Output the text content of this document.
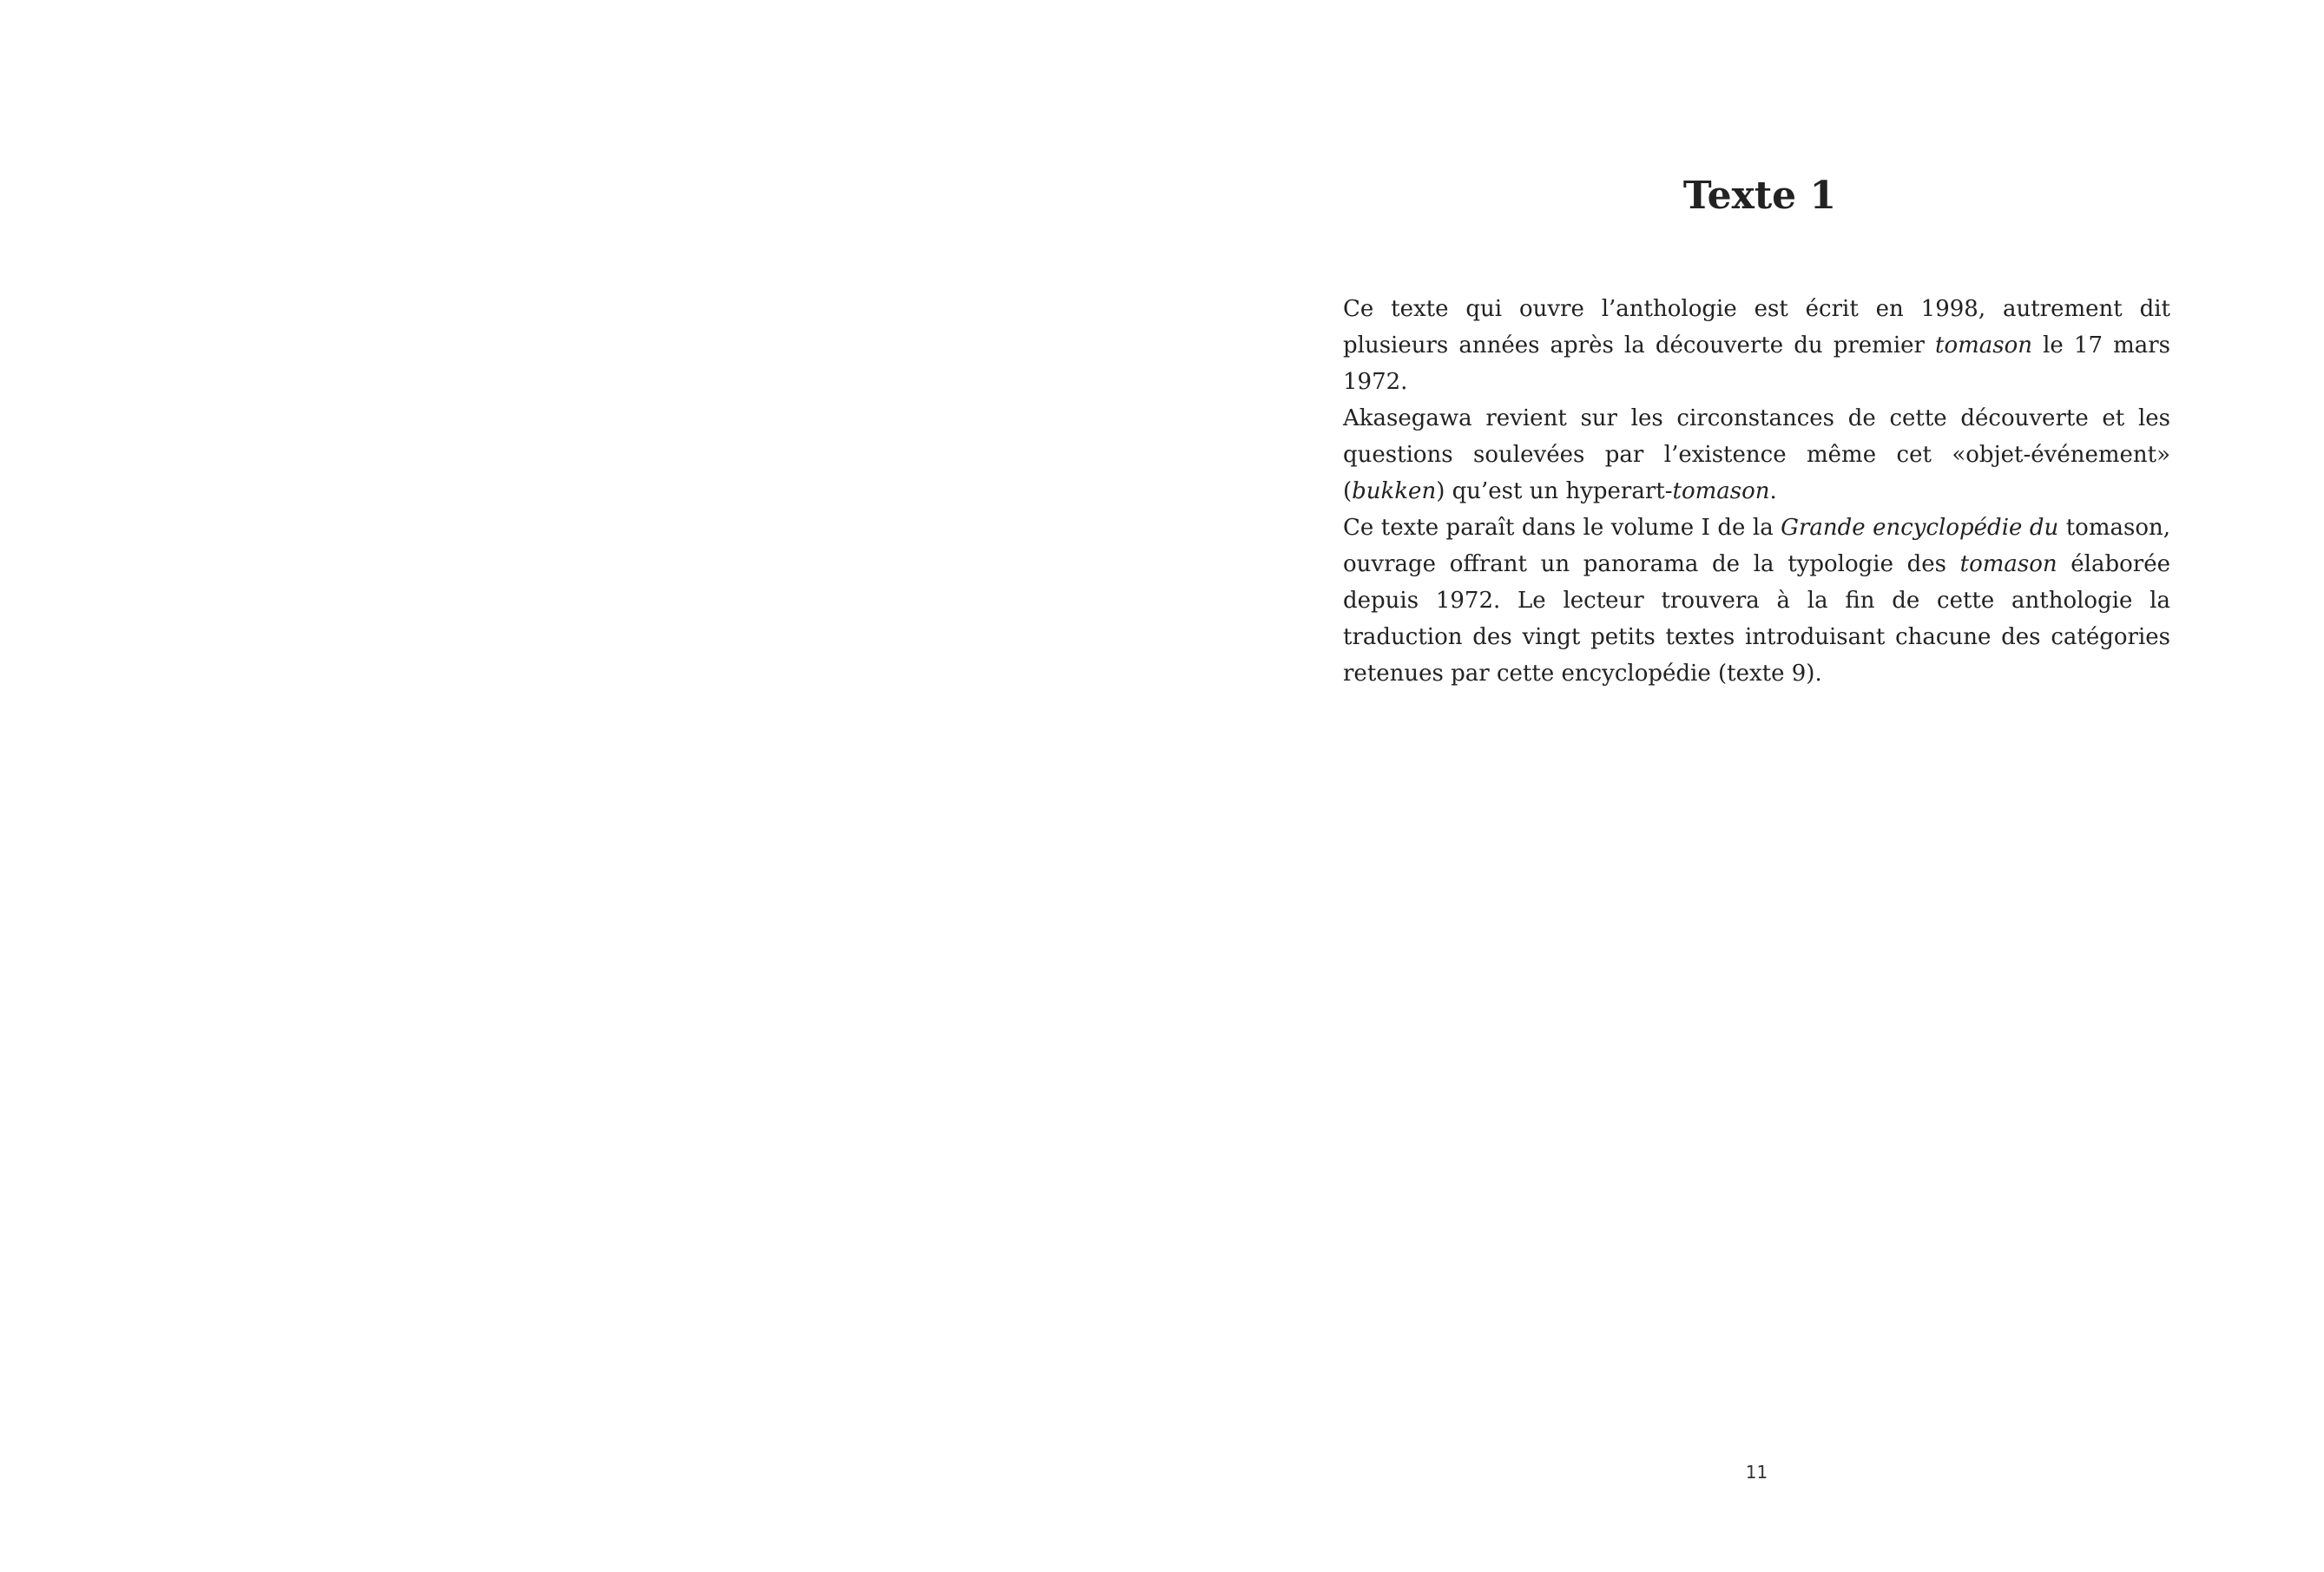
Texte 1

Ce texte qui ouvre l’anthologie est écrit en 1998, autrement dit plusieurs années après la découverte du premier tomason le 17 mars 1972.

Akasegawa revient sur les circonstances de cette découverte et les questions soulevées par l’existence même cet «objet-événement» (bukken) qu’est un hyperart-tomason.

Ce texte paraît dans le volume I de la Grande encyclopédie du tomason, ouvrage offrant un panorama de la typologie des tomason élaborée depuis 1972. Le lecteur trouvera à la fin de cette anthologie la traduction des vingt petits textes introduisant chacune des catégories retenues par cette encyclopédie (texte 9).

11
